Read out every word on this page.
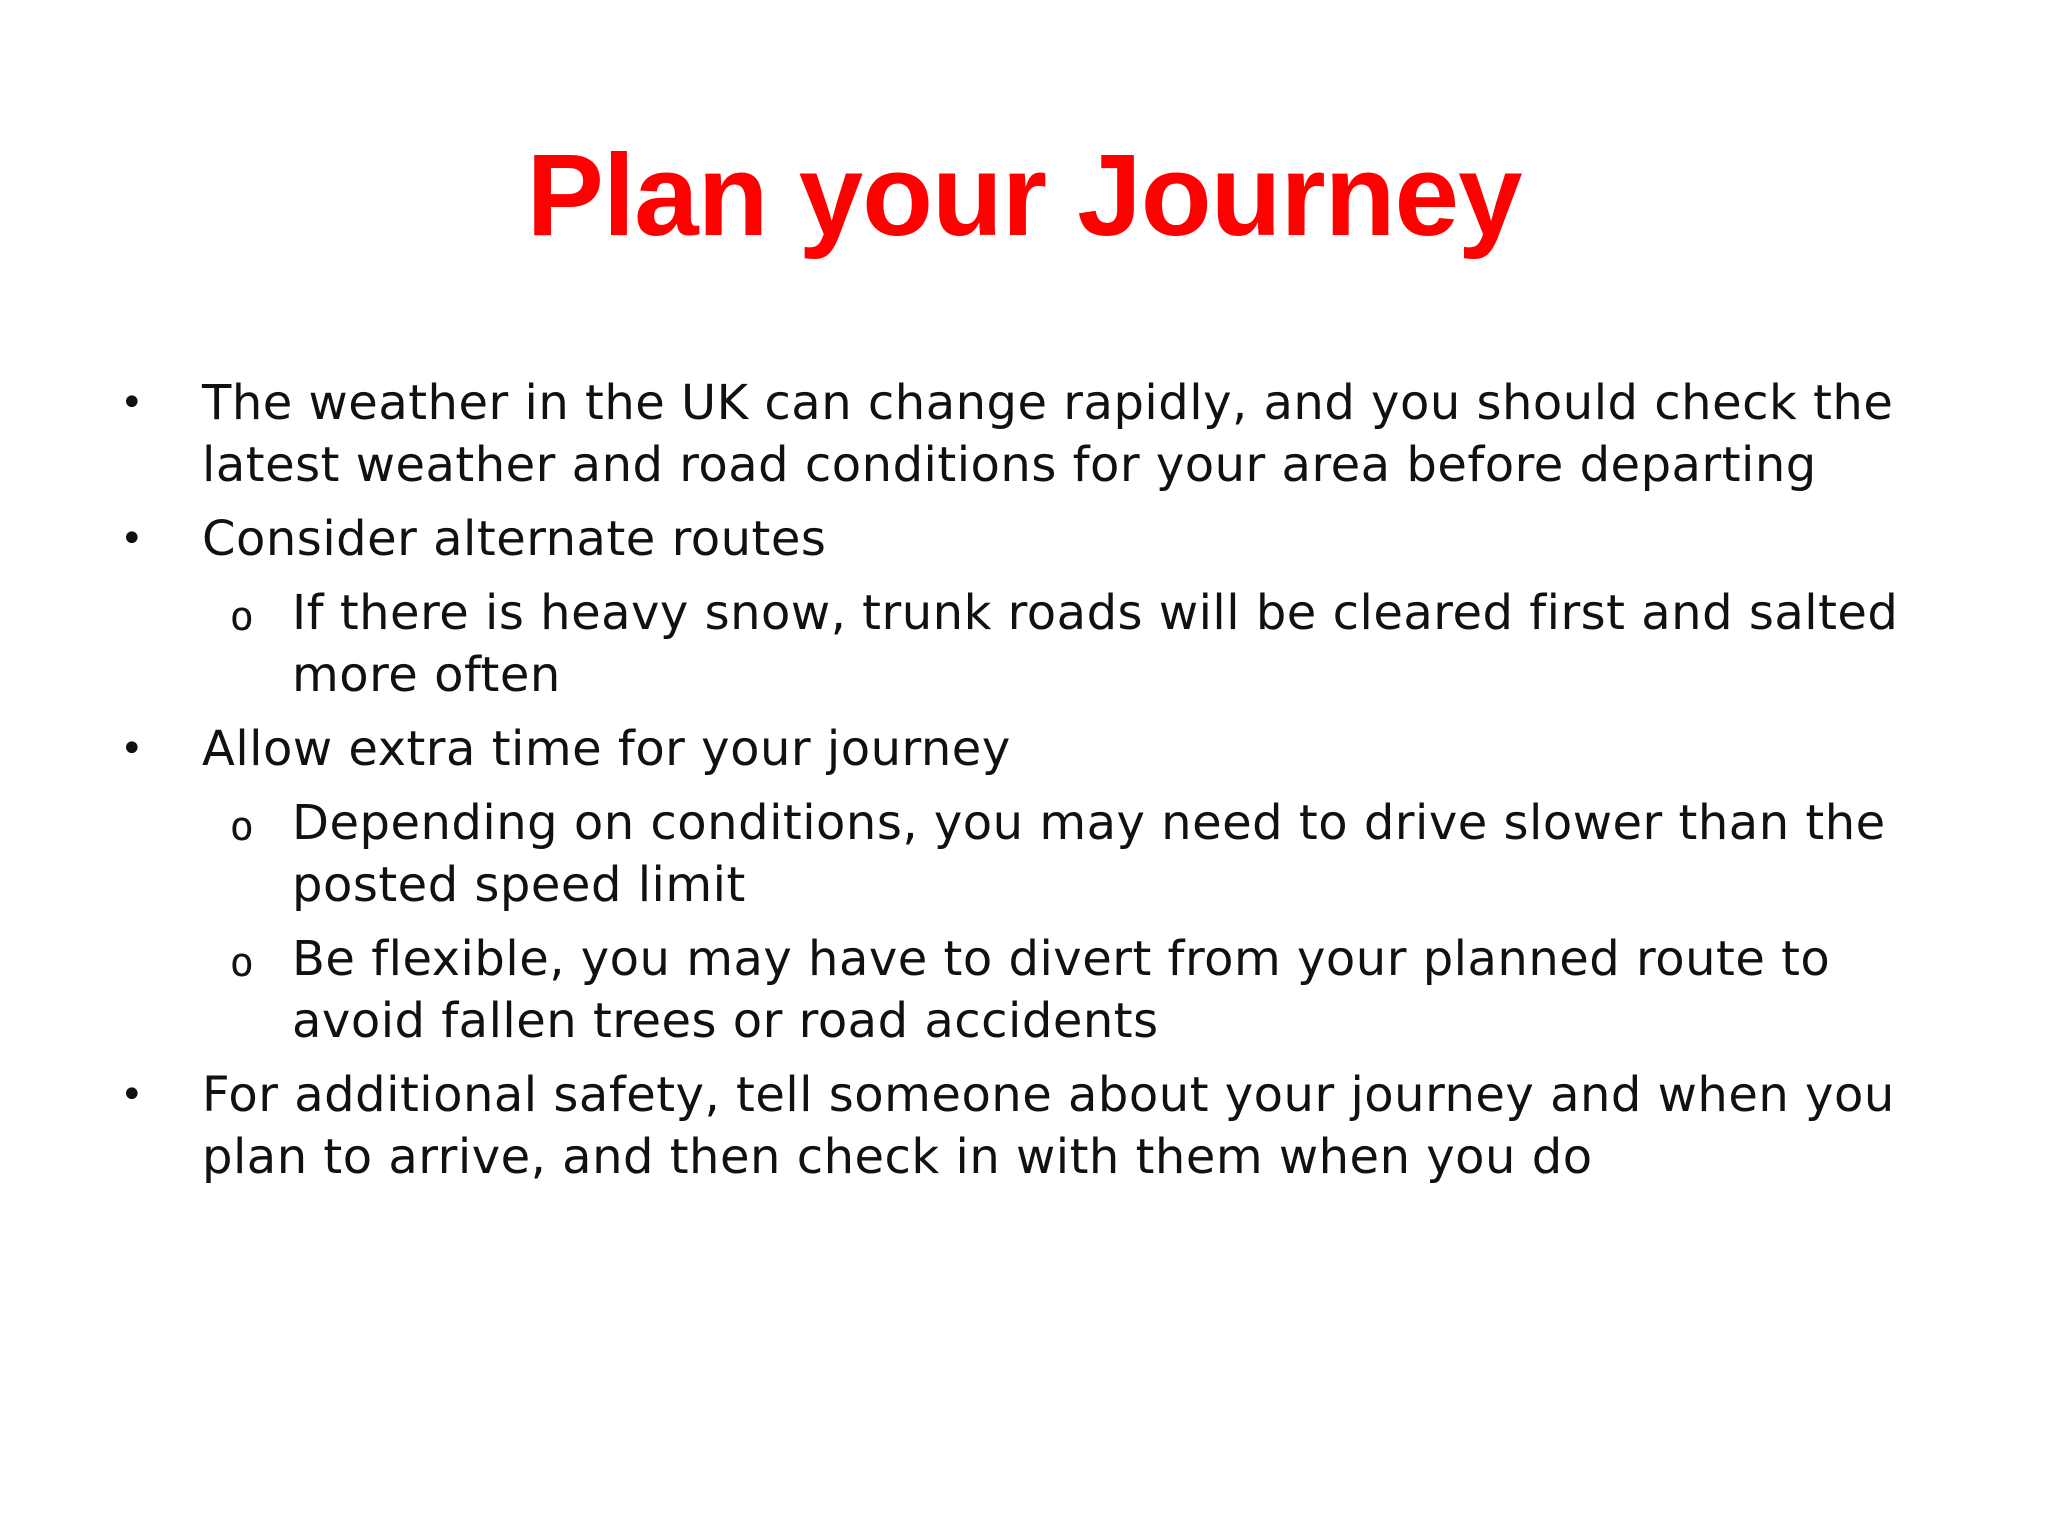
Plan your Journey
• The weather in the UK can change rapidly, and you should check the latest weather and road conditions for your area before departing
• Consider alternate routes
o If there is heavy snow, trunk roads will be cleared first and salted more often
• Allow extra time for your journey
o Depending on conditions, you may need to drive slower than the posted speed limit
o Be flexible, you may have to divert from your planned route to avoid fallen trees or road accidents
• For additional safety, tell someone about your journey and when you plan to arrive, and then check in with them when you do
